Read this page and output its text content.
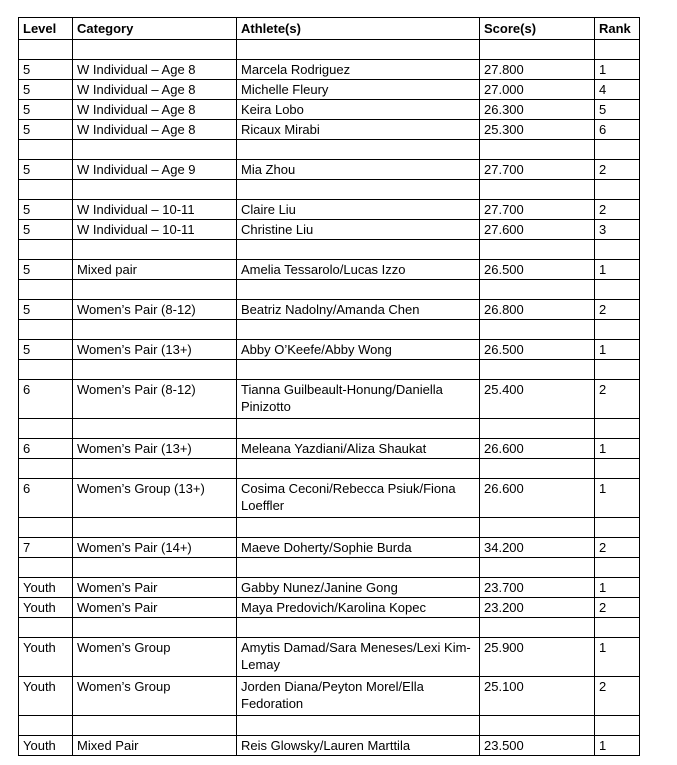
Level	Category	Athlete(s)	Score(s)	Rank

5	W Individual – Age 8	Marcela Rodriguez	27.800	1
5	W Individual – Age 8	Michelle Fleury	27.000	4
5	W Individual – Age 8	Keira Lobo	26.300	5
5	W Individual – Age 8	Ricaux Mirabi	25.300	6

5	W Individual – Age 9	Mia Zhou	27.700	2

5	W Individual – 10-11	Claire Liu	27.700	2
5	W Individual – 10-11	Christine Liu	27.600	3

5	Mixed pair	Amelia Tessarolo/Lucas Izzo	26.500	1

5	Women’s Pair (8-12)	Beatriz Nadolny/Amanda Chen	26.800	2

5	Women’s Pair (13+)	Abby O’Keefe/Abby Wong	26.500	1

6	Women’s Pair (8-12)	Tianna Guilbeault-Honung/Daniella Pinizotto	25.400	2

6	Women’s Pair (13+)	Meleana Yazdiani/Aliza Shaukat	26.600	1

6	Women’s Group (13+)	Cosima Ceconi/Rebecca Psiuk/Fiona Loeffler	26.600	1

7	Women’s Pair (14+)	Maeve Doherty/Sophie Burda	34.200	2

Youth	Women’s Pair	Gabby Nunez/Janine Gong	23.700	1
Youth	Women’s Pair	Maya Predovich/Karolina Kopec	23.200	2

Youth	Women’s Group	Amytis Damad/Sara Meneses/Lexi Kim-Lemay	25.900	1
Youth	Women’s Group	Jorden Diana/Peyton Morel/Ella Fedoration	25.100	2

Youth	Mixed Pair	Reis Glowsky/Lauren Marttila	23.500	1
